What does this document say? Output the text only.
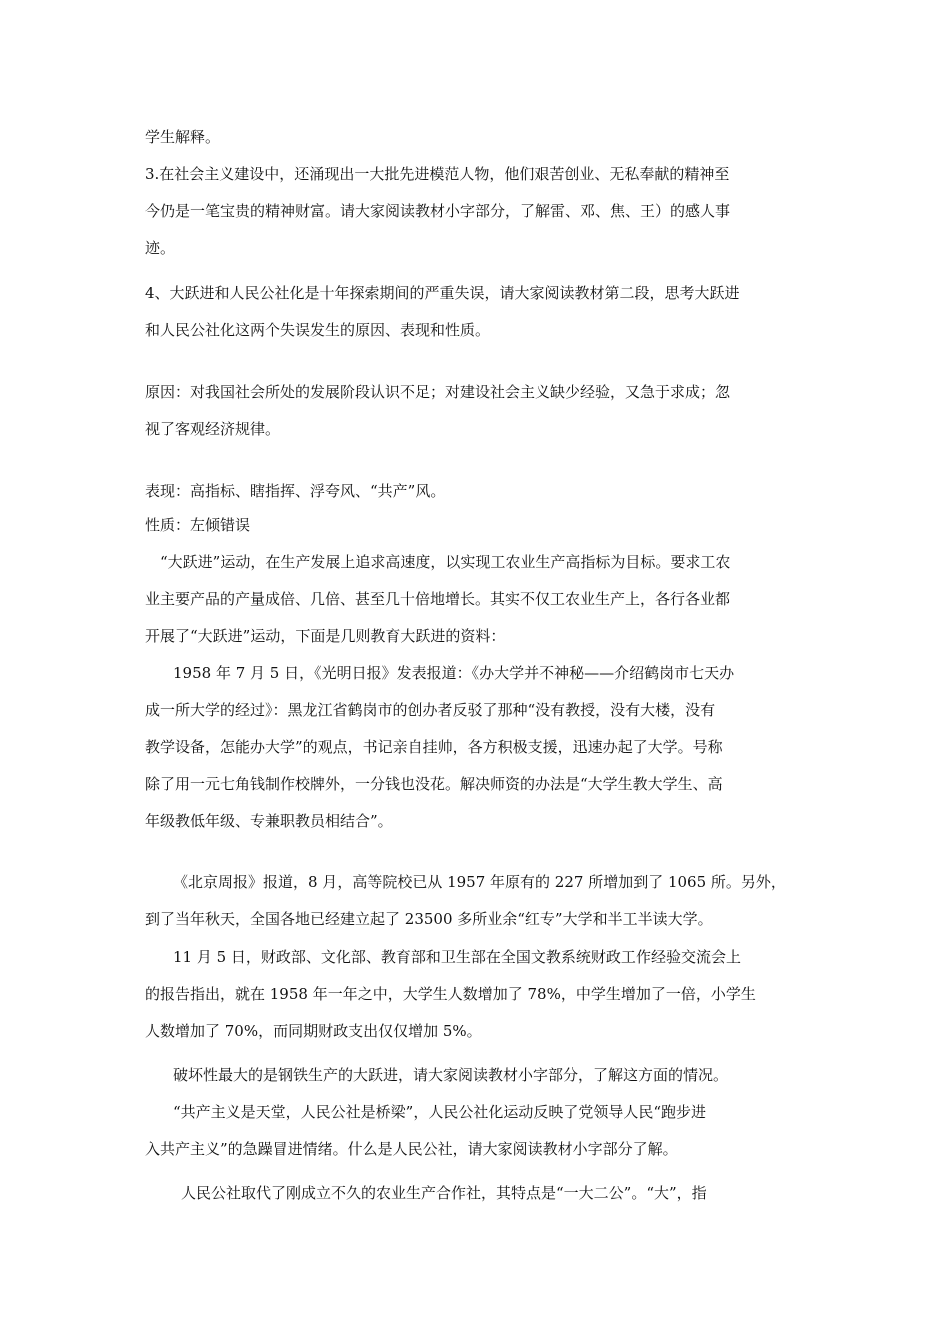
学生解释。
3.在社会主义建设中，还涌现出一大批先进模范人物，他们艰苦创业、无私奉献的精神至
今仍是一笔宝贵的精神财富。请大家阅读教材小字部分，了解雷、邓、焦、王）的感人事
迹。
4、大跃进和人民公社化是十年探索期间的严重失误，请大家阅读教材第二段，思考大跃进
和人民公社化这两个失误发生的原因、表现和性质。
原因：对我国社会所处的发展阶段认识不足；对建设社会主义缺少经验，又急于求成；忽
视了客观经济规律。
表现：高指标、瞎指挥、浮夸风、“共产”风。
性质：左倾错误
“大跃进”运动，在生产发展上追求高速度，以实现工农业生产高指标为目标。要求工农
业主要产品的产量成倍、几倍、甚至几十倍地增长。其实不仅工农业生产上，各行各业都
开展了“大跃进”运动，下面是几则教育大跃进的资料：
1958 年 7 月 5 日，《光明日报》发表报道：《办大学并不神秘——介绍鹤岗市七天办
成一所大学的经过》：黑龙江省鹤岗市的创办者反驳了那种“没有教授，没有大楼，没有
教学设备，怎能办大学”的观点，书记亲自挂帅，各方积极支援，迅速办起了大学。号称
除了用一元七角钱制作校牌外，一分钱也没花。解决师资的办法是“大学生教大学生、高
年级教低年级、专兼职教员相结合”。
《北京周报》报道，8 月，高等院校已从 1957 年原有的 227 所增加到了 1065 所。另外，
到了当年秋天，全国各地已经建立起了 23500 多所业余“红专”大学和半工半读大学。
11 月 5 日，财政部、文化部、教育部和卫生部在全国文教系统财政工作经验交流会上
的报告指出，就在 1958 年一年之中，大学生人数增加了 78%，中学生增加了一倍，小学生
人数增加了 70%，而同期财政支出仅仅增加 5%。
破坏性最大的是钢铁生产的大跃进，请大家阅读教材小字部分，了解这方面的情况。
“共产主义是天堂，人民公社是桥梁”，人民公社化运动反映了党领导人民“跑步进
入共产主义”的急躁冒进情绪。什么是人民公社，请大家阅读教材小字部分了解。
人民公社取代了刚成立不久的农业生产合作社，其特点是“一大二公”。“大”，指
